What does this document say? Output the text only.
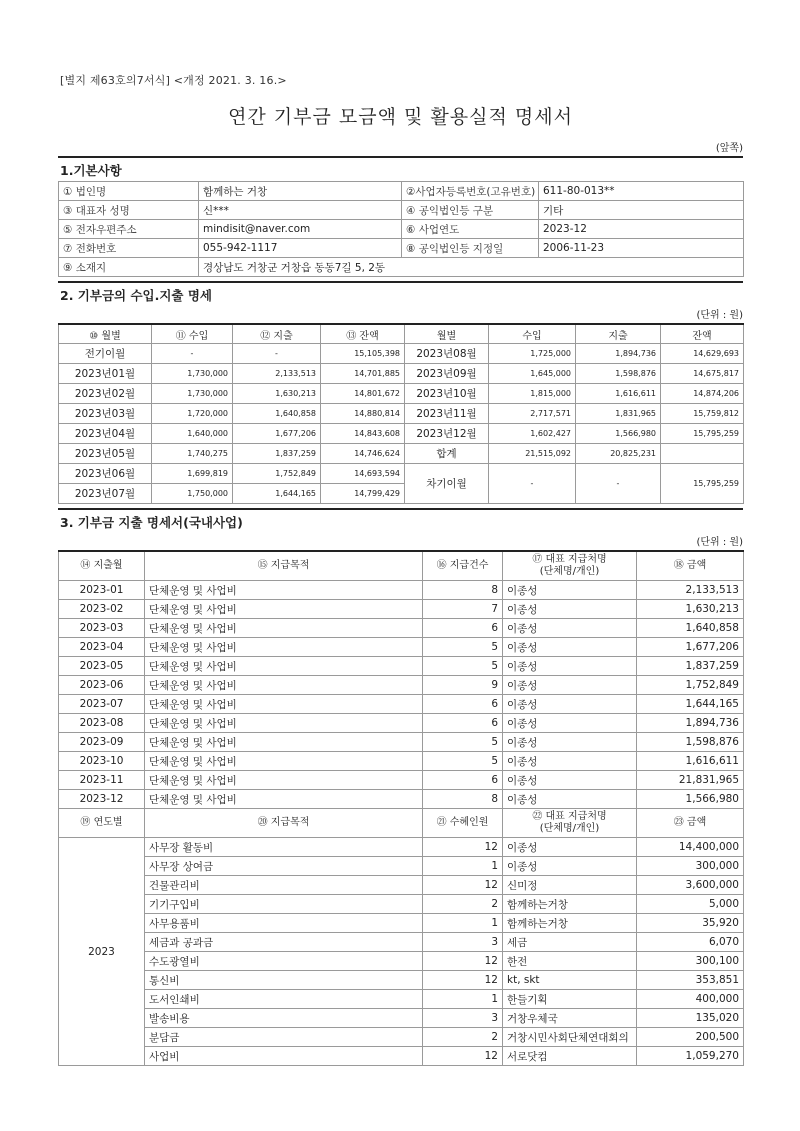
[별지 제63호의7서식] <개정 2021. 3. 16.>
연간 기부금 모금액 및 활용실적 명세서
(앞쪽)
1.기본사항
① 법인명	함께하는 거창	②사업자등록번호(고유번호)	611-80-013**
③ 대표자 성명	신***	④ 공익법인등 구분	기타
⑤ 전자우편주소	mindisit@naver.com	⑥ 사업연도	2023-12
⑦ 전화번호	055-942-1117	⑧ 공익법인등 지정일	2006-11-23
⑨ 소재지	경상남도 거창군 거창읍 동동7길 5, 2동		
2. 기부금의 수입.지출 명세
(단위 : 원)
⑩ 월별	⑪ 수입	⑫ 지출	⑬ 잔액	월별	수입	지출	잔액
전기이월	-	-	15,105,398	2023년08월	1,725,000	1,894,736	14,629,693
2023년01월	1,730,000	2,133,513	14,701,885	2023년09월	1,645,000	1,598,876	14,675,817
2023년02월	1,730,000	1,630,213	14,801,672	2023년10월	1,815,000	1,616,611	14,874,206
2023년03월	1,720,000	1,640,858	14,880,814	2023년11월	2,717,571	1,831,965	15,759,812
2023년04월	1,640,000	1,677,206	14,843,608	2023년12월	1,602,427	1,566,980	15,795,259
2023년05월	1,740,275	1,837,259	14,746,624	합계	21,515,092	20,825,231	
2023년06월	1,699,819	1,752,849	14,693,594	차기이월	-	-	15,795,259
2023년07월	1,750,000	1,644,165	14,799,429				
3. 기부금 지출 명세서(국내사업)
(단위 : 원)
⑭ 지출월	⑮ 지급목적	⑯ 지급건수	⑰ 대표 지급처명
(단체명/개인)	⑱ 금액
2023-01	단체운영 및 사업비	8	이종성	2,133,513
2023-02	단체운영 및 사업비	7	이종성	1,630,213
2023-03	단체운영 및 사업비	6	이종성	1,640,858
2023-04	단체운영 및 사업비	5	이종성	1,677,206
2023-05	단체운영 및 사업비	5	이종성	1,837,259
2023-06	단체운영 및 사업비	9	이종성	1,752,849
2023-07	단체운영 및 사업비	6	이종성	1,644,165
2023-08	단체운영 및 사업비	6	이종성	1,894,736
2023-09	단체운영 및 사업비	5	이종성	1,598,876
2023-10	단체운영 및 사업비	5	이종성	1,616,611
2023-11	단체운영 및 사업비	6	이종성	21,831,965
2023-12	단체운영 및 사업비	8	이종성	1,566,980
⑲ 연도별	⑳ 지급목적	㉑ 수혜인원	㉒ 대표 지급처명
(단체명/개인)	㉓ 금액
2023	사무장 활동비	12	이종성	14,400,000
	사무장 상여금	1	이종성	300,000
	건물관리비	12	신미정	3,600,000
	기기구입비	2	함께하는거창	5,000
	사무용품비	1	함께하는거창	35,920
	세금과 공과금	3	세금	6,070
	수도광열비	12	한전	300,100
	통신비	12	kt, skt	353,851
	도서인쇄비	1	한들기획	400,000
	발송비용	3	거창우체국	135,020
	분담금	2	거창시민사회단체연대회의	200,500
	사업비	12	서로닷컴	1,059,270
